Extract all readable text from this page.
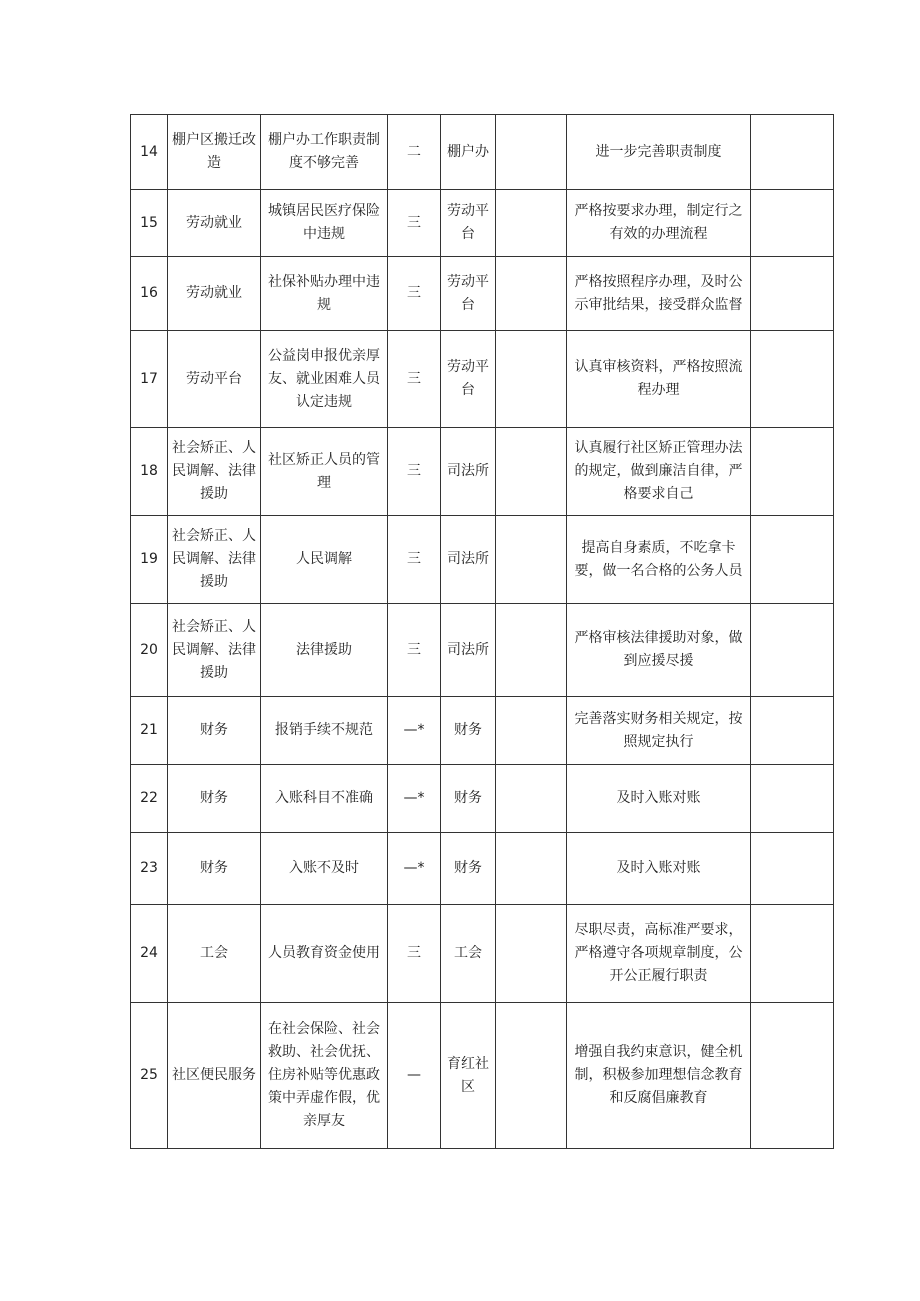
14	棚户区搬迁改造	棚户办工作职责制度不够完善	二	棚户办		进一步完善职责制度	
15	劳动就业	城镇居民医疗保险中违规	三	劳动平台		严格按要求办理，制定行之有效的办理流程	
16	劳动就业	社保补贴办理中违规	三	劳动平台		严格按照程序办理，及时公示审批结果，接受群众监督	
17	劳动平台	公益岗申报优亲厚友、就业困难人员认定违规	三	劳动平台		认真审核资料，严格按照流程办理	
18	社会矫正、人民调解、法律援助	社区矫正人员的管理	三	司法所		认真履行社区矫正管理办法的规定，做到廉洁自律，严格要求自己	
19	社会矫正、人民调解、法律援助	人民调解	三	司法所		提高自身素质，不吃拿卡要，做一名合格的公务人员	
20	社会矫正、人民调解、法律援助	法律援助	三	司法所		严格审核法律援助对象，做到应援尽援	
21	财务	报销手续不规范	—*	财务		完善落实财务相关规定，按照规定执行	
22	财务	入账科目不准确	—*	财务		及时入账对账	
23	财务	入账不及时	—*	财务		及时入账对账	
24	工会	人员教育资金使用	三	工会		尽职尽责，高标准严要求，严格遵守各项规章制度，公开公正履行职责	
25	社区便民服务	在社会保险、社会救助、社会优抚、住房补贴等优惠政策中弄虚作假，优亲厚友	—	育红社区		增强自我约束意识，健全机制，积极参加理想信念教育和反腐倡廉教育	
